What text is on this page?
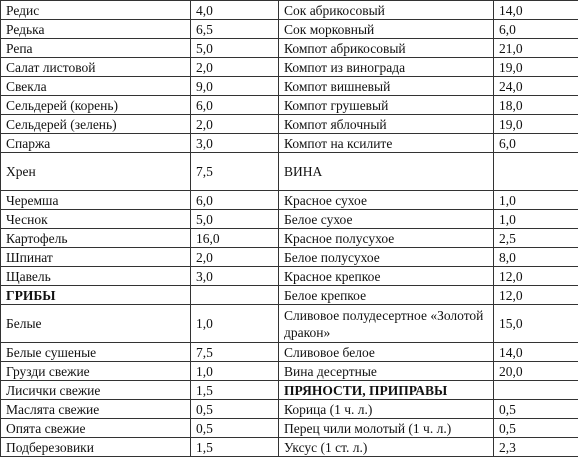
Редис	4,0	Сок абрикосовый	14,0
Редька	6,5	Сок морковный	6,0
Репа	5,0	Компот абрикосовый	21,0
Салат листовой	2,0	Компот из винограда	19,0
Свекла	9,0	Компот вишневый	24,0
Сельдерей (корень)	6,0	Компот грушевый	18,0
Сельдерей (зелень)	2,0	Компот яблочный	19,0
Спаржа	3,0	Компот на ксилите	6,0
Хрен	7,5	ВИНА	
Черемша	6,0	Красное сухое	1,0
Чеснок	5,0	Белое сухое	1,0
Картофель	16,0	Красное полусухое	2,5
Шпинат	2,0	Белое полусухое	8,0
Щавель	3,0	Красное крепкое	12,0
ГРИБЫ		Белое крепкое	12,0
Белые	1,0	Сливовое полудесертное «Золотой дракон»	15,0
Белые сушеные	7,5	Сливовое белое	14,0
Грузди свежие	1,0	Вина десертные	20,0
Лисички свежие	1,5	ПРЯНОСТИ, ПРИПРАВЫ	
Маслята свежие	0,5	Корица (1 ч. л.)	0,5
Опята свежие	0,5	Перец чили молотый (1 ч. л.)	0,5
Подберезовики	1,5	Уксус (1 ст. л.)	2,3
